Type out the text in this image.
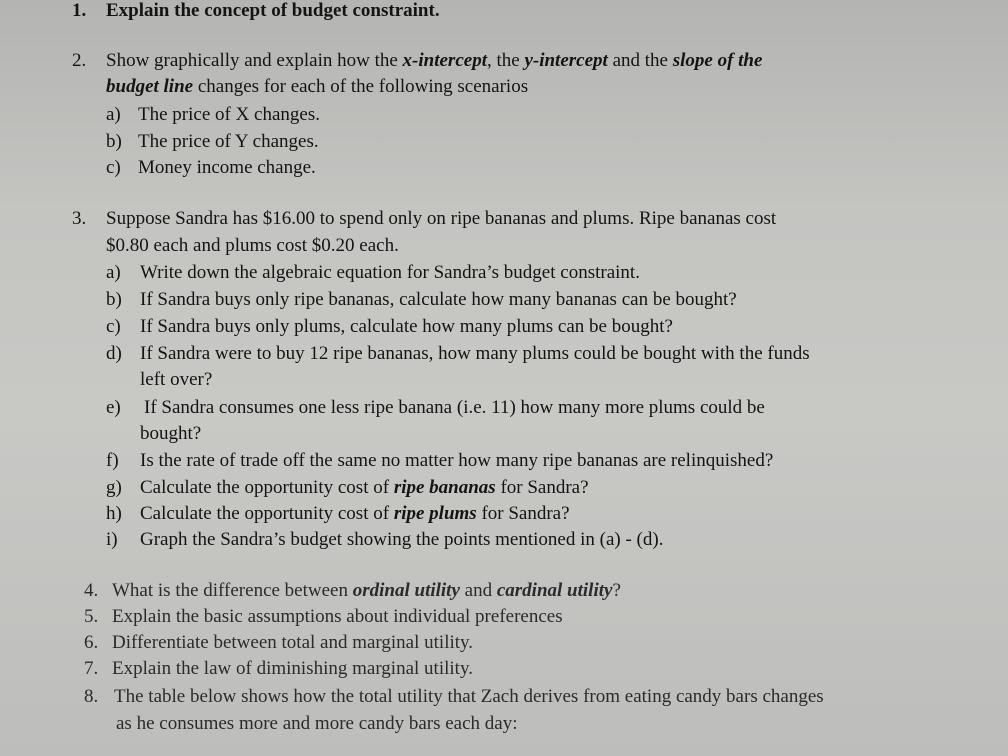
1. Explain the concept of budget constraint.
2. Show graphically and explain how the x-intercept, the y-intercept and the slope of the
budget line changes for each of the following scenarios
a) The price of X changes.
b) The price of Y changes.
c) Money income change.
3. Suppose Sandra has $16.00 to spend only on ripe bananas and plums. Ripe bananas cost
$0.80 each and plums cost $0.20 each.
a) Write down the algebraic equation for Sandra’s budget constraint.
b) If Sandra buys only ripe bananas, calculate how many bananas can be bought?
c) If Sandra buys only plums, calculate how many plums can be bought?
d) If Sandra were to buy 12 ripe bananas, how many plums could be bought with the funds
left over?
e) If Sandra consumes one less ripe banana (i.e. 11) how many more plums could be
bought?
f) Is the rate of trade off the same no matter how many ripe bananas are relinquished?
g) Calculate the opportunity cost of ripe bananas for Sandra?
h) Calculate the opportunity cost of ripe plums for Sandra?
i) Graph the Sandra’s budget showing the points mentioned in (a) - (d).
4. What is the difference between ordinal utility and cardinal utility?
5. Explain the basic assumptions about individual preferences
6. Differentiate between total and marginal utility.
7. Explain the law of diminishing marginal utility.
8. The table below shows how the total utility that Zach derives from eating candy bars changes
as he consumes more and more candy bars each day:
